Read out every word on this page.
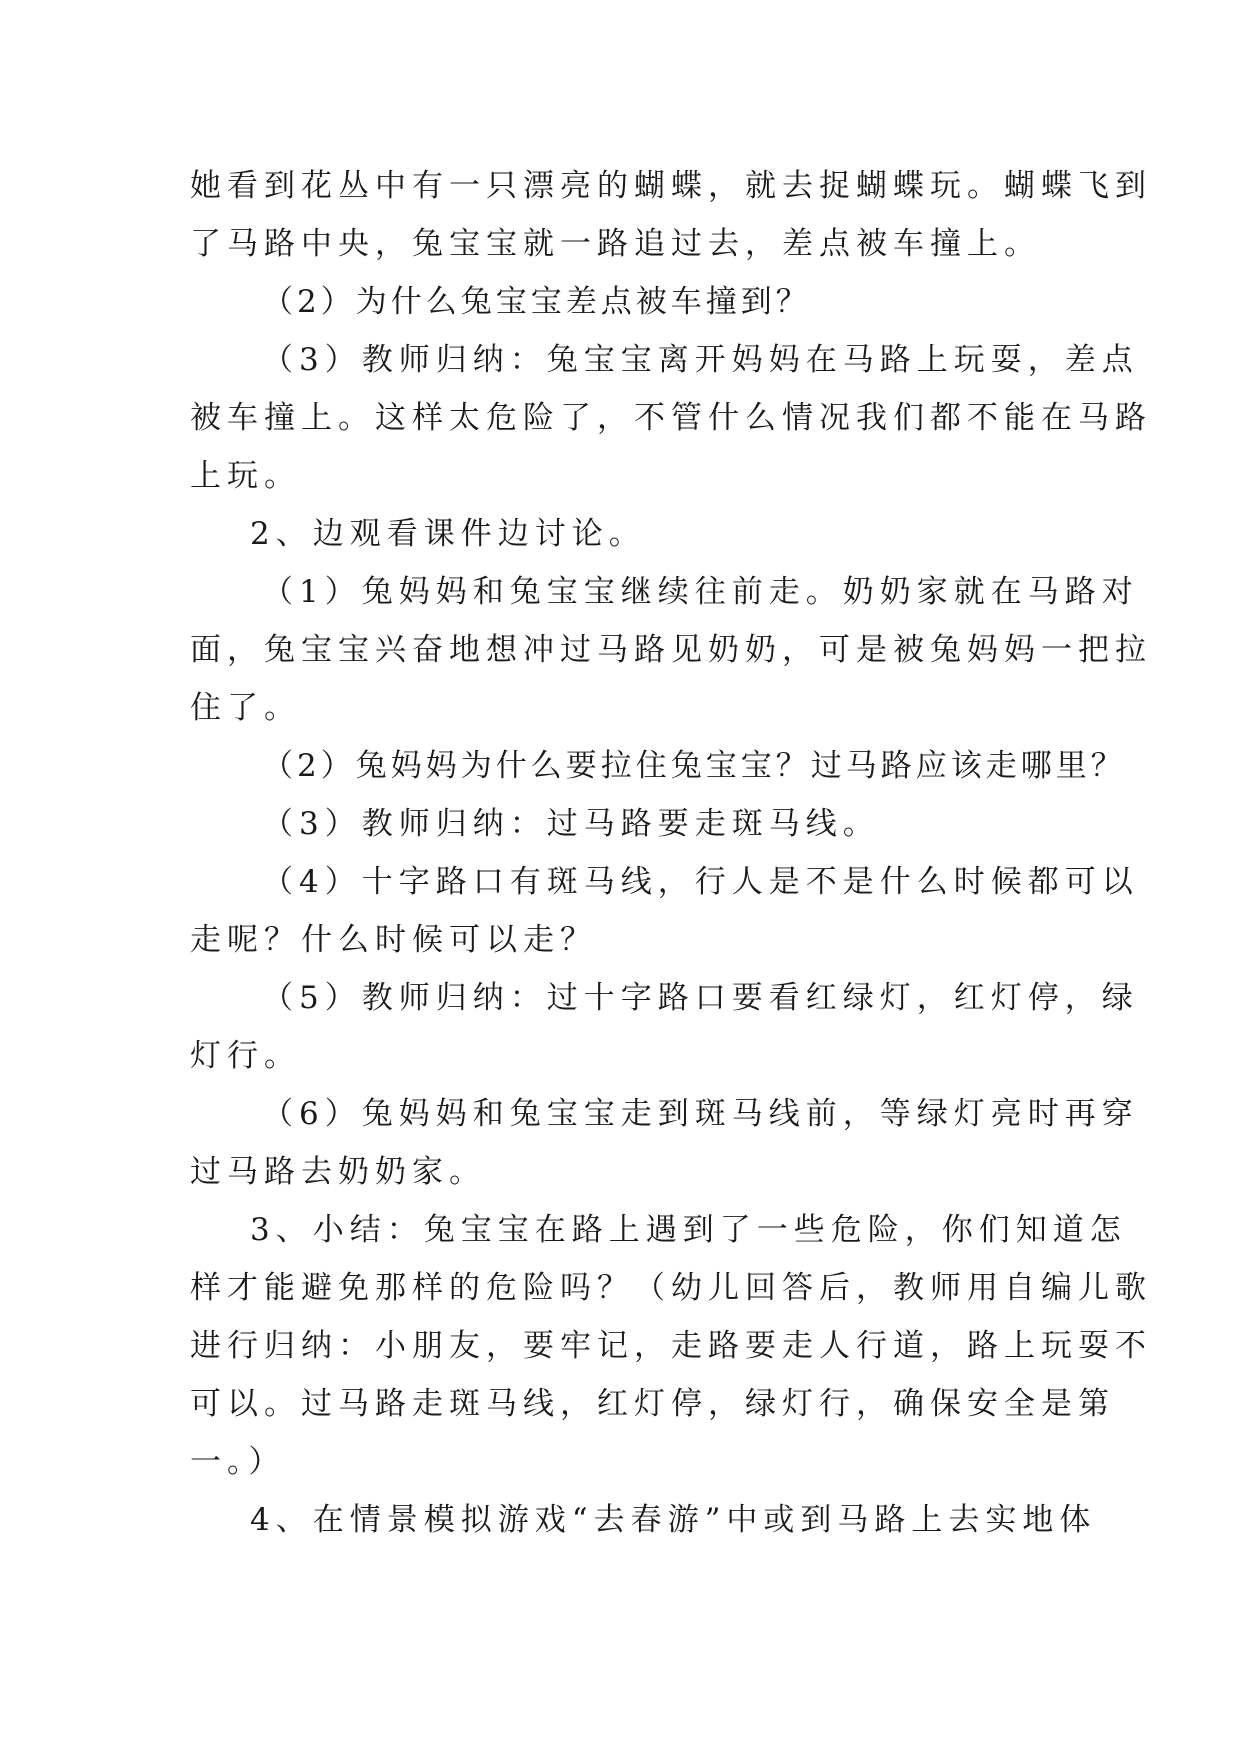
她看到花丛中有一只漂亮的蝴蝶，就去捉蝴蝶玩。蝴蝶飞到
了马路中央，兔宝宝就一路追过去，差点被车撞上。
（2）为什么兔宝宝差点被车撞到？
（3）教师归纳：兔宝宝离开妈妈在马路上玩耍，差点
被车撞上。这样太危险了，不管什么情况我们都不能在马路
上玩。
2、边观看课件边讨论。
（1）兔妈妈和兔宝宝继续往前走。奶奶家就在马路对
面，兔宝宝兴奋地想冲过马路见奶奶，可是被兔妈妈一把拉
住了。
（2）兔妈妈为什么要拉住兔宝宝？过马路应该走哪里？
（3）教师归纳：过马路要走斑马线。
（4）十字路口有斑马线，行人是不是什么时候都可以
走呢？什么时候可以走？
（5）教师归纳：过十字路口要看红绿灯，红灯停，绿
灯行。
（6）兔妈妈和兔宝宝走到斑马线前，等绿灯亮时再穿
过马路去奶奶家。
3、小结：兔宝宝在路上遇到了一些危险，你们知道怎
样才能避免那样的危险吗？（幼儿回答后，教师用自编儿歌
进行归纳：小朋友，要牢记，走路要走人行道，路上玩耍不
可以。过马路走斑马线，红灯停，绿灯行，确保安全是第
一。）
4、在情景模拟游戏“去春游”中或到马路上去实地体
